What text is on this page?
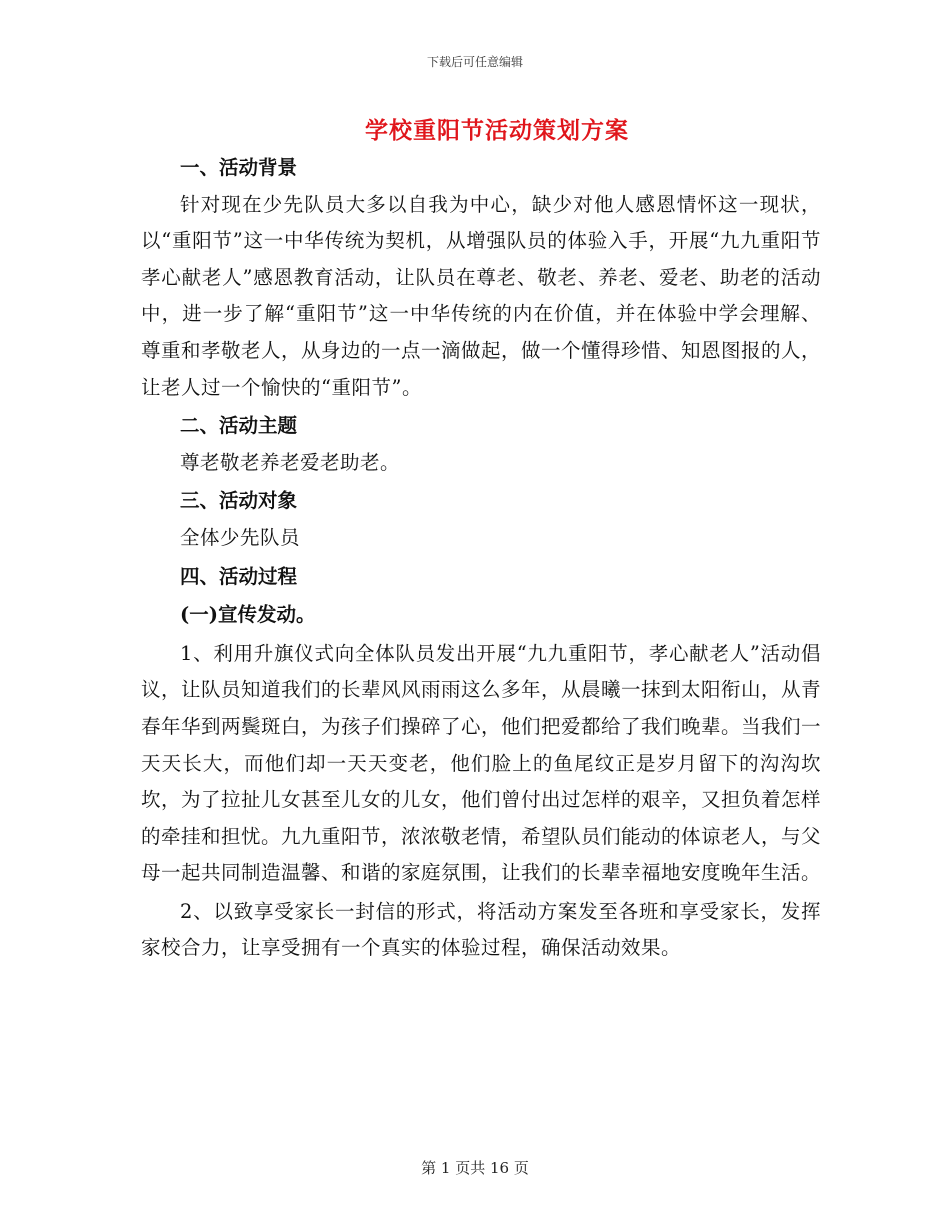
下载后可任意编辑
学校重阳节活动策划方案
一、活动背景

针对现在少先队员大多以自我为中心，缺少对他人感恩情怀这一现状，以“重阳节”这一中华传统为契机，从增强队员的体验入手，开展“九九重阳节孝心献老人”感恩教育活动，让队员在尊老、敬老、养老、爱老、助老的活动中，进一步了解“重阳节”这一中华传统的内在价值，并在体验中学会理解、尊重和孝敬老人，从身边的一点一滴做起，做一个懂得珍惜、知恩图报的人，让老人过一个愉快的“重阳节”。

二、活动主题

尊老敬老养老爱老助老。

三、活动对象

全体少先队员

四、活动过程
(一)宣传发动。

1、利用升旗仪式向全体队员发出开展“九九重阳节，孝心献老人”活动倡议，让队员知道我们的长辈风风雨雨这么多年，从晨曦一抹到太阳衔山，从青春年华到两鬓斑白，为孩子们操碎了心，他们把爱都给了我们晚辈。当我们一天天长大，而他们却一天天变老，他们脸上的鱼尾纹正是岁月留下的沟沟坎坎，为了拉扯儿女甚至儿女的儿女，他们曾付出过怎样的艰辛，又担负着怎样的牵挂和担忧。九九重阳节，浓浓敬老情，希望队员们能动的体谅老人，与父母一起共同制造温馨、和谐的家庭氛围，让我们的长辈幸福地安度晚年生活。

2、以致享受家长一封信的形式，将活动方案发至各班和享受家长，发挥家校合力，让享受拥有一个真实的体验过程，确保活动效果。

第 1 页共 16 页
